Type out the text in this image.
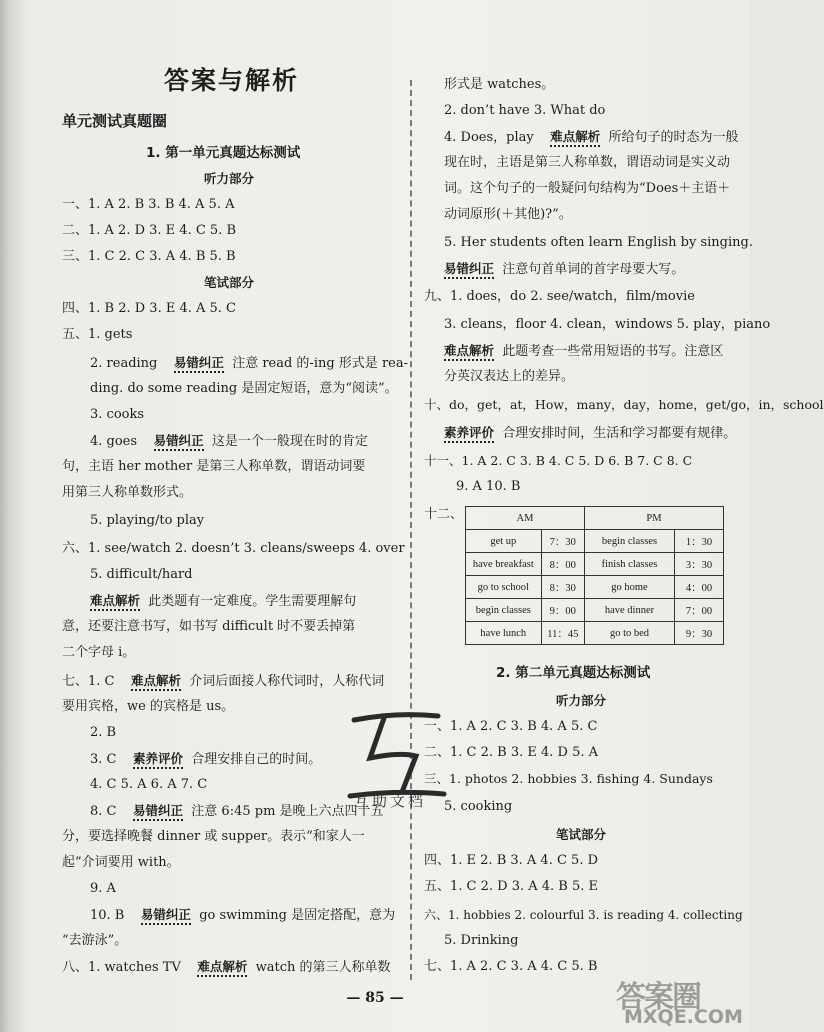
答案与解析
单元测试真题圈
1. 第一单元真题达标测试
听力部分
一、1. A 2. B 3. B 4. A 5. A
二、1. A 2. D 3. E 4. C 5. B
三、1. C 2. C 3. A 4. B 5. B
笔试部分
四、1. B 2. D 3. E 4. A 5. C
五、1. gets
2. reading 易错纠正 注意 read 的-ing 形式是 rea-
ding. do some reading 是固定短语，意为“阅读”。
3. cooks
4. goes 易错纠正 这是一个一般现在时的肯定
句，主语 her mother 是第三人称单数，谓语动词要
用第三人称单数形式。
5. playing/to play
六、1. see/watch 2. doesn’t 3. cleans/sweeps 4. over
5. difficult/hard
难点解析 此类题有一定难度。学生需要理解句
意，还要注意书写，如书写 difficult 时不要丢掉第
二个字母 i。
七、1. C 难点解析 介词后面接人称代词时，人称代词
要用宾格，we 的宾格是 us。
2. B
3. C 素养评价 合理安排自己的时间。
4. C 5. A 6. A 7. C
8. C 易错纠正 注意 6:45 pm 是晚上六点四十五
分，要选择晚餐 dinner 或 supper。表示“和家人一
起”介词要用 with。
9. A
10. B 易错纠正 go swimming 是固定搭配，意为
“去游泳”。
八、1. watches TV 难点解析 watch 的第三人称单数
形式是 watches。
2. don’t have 3. What do
4. Does，play 难点解析 所给句子的时态为一般
现在时，主语是第三人称单数，谓语动词是实义动
词。这个句子的一般疑问句结构为“Does＋主语＋
动词原形(＋其他)?”。
5. Her students often learn English by singing.
易错纠正 注意句首单词的首字母要大写。
九、1. does，do 2. see/watch，film/movie
3. cleans，floor 4. clean，windows 5. play，piano
难点解析 此题考查一些常用短语的书写。注意区
分英汉表达上的差异。
十、do，get，at，How，many，day，home，get/go，in，school
素养评价 合理安排时间，生活和学习都要有规律。
十一、1. A 2. C 3. B 4. C 5. D 6. B 7. C 8. C
9. A 10. B
十二、	AM		PM	
get up	7：30	begin classes	1：30
have breakfast	8：00	finish classes	3：30
go to school	8：30	go home	4：00
begin classes	9：00	have dinner	7：00
have lunch	11：45	go to bed	9：30
2. 第二单元真题达标测试
听力部分
一、1. A 2. C 3. B 4. A 5. C
二、1. C 2. B 3. E 4. D 5. A
三、1. photos 2. hobbies 3. fishing 4. Sundays
5. cooking
笔试部分
四、1. E 2. B 3. A 4. C 5. D
五、1. C 2. D 3. A 4. B 5. E
六、1. hobbies 2. colourful 3. is reading 4. collecting
5. Drinking
七、1. A 2. C 3. A 4. C 5. B
— 85 —
互助文档
答案圈
MXQE.COM
